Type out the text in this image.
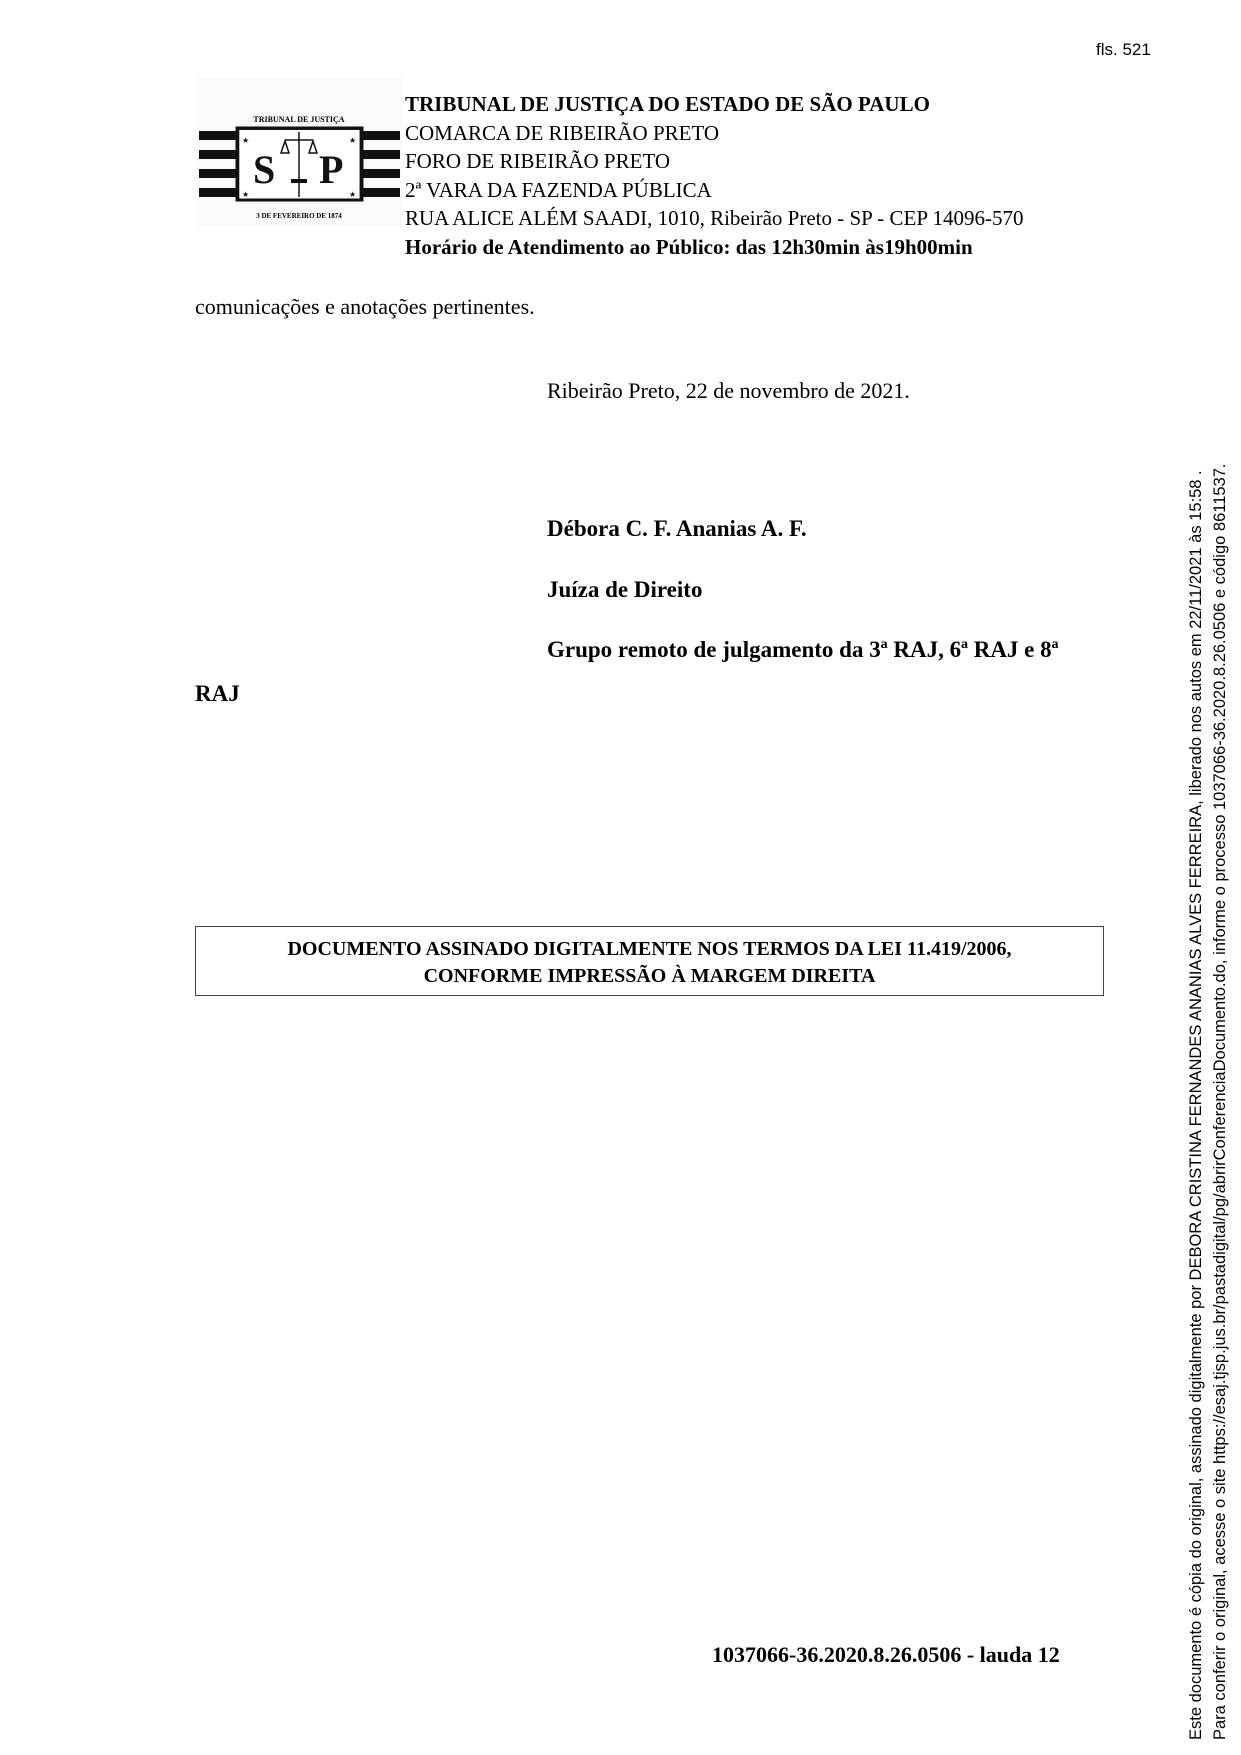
fls. 521
TRIBUNAL DE JUSTIÇA
S P
★	★
★	★
3 DE FEVEREIRO DE 1874
TRIBUNAL DE JUSTIÇA DO ESTADO DE SÃO PAULO
COMARCA DE RIBEIRÃO PRETO
FORO DE RIBEIRÃO PRETO
2ª VARA DA FAZENDA PÚBLICA
RUA ALICE ALÉM SAADI, 1010, Ribeirão Preto - SP - CEP 14096-570
Horário de Atendimento ao Público: das 12h30min às19h00min
comunicações e anotações pertinentes.
Ribeirão Preto, 22 de novembro de 2021.
Débora C. F. Ananias A. F.
Juíza de Direito
Grupo remoto de julgamento da 3ª RAJ, 6ª RAJ e 8ª
RAJ
DOCUMENTO ASSINADO DIGITALMENTE NOS TERMOS DA LEI 11.419/2006,
CONFORME IMPRESSÃO À MARGEM DIREITA
1037066-36.2020.8.26.0506 - lauda 12	Este documento é cópia do original, assinado digitalmente por DEBORA CRISTINA FERNANDES ANANIAS ALVES FERREIRA, liberado nos autos em 22/11/2021 às 15:58 . Para conferir o original, acesse o site https://esaj.tjsp.jus.br/pastadigital/pg/abrirConferenciaDocumento.do, informe o processo 1037066-36.2020.8.26.0506 e código 8611537.
